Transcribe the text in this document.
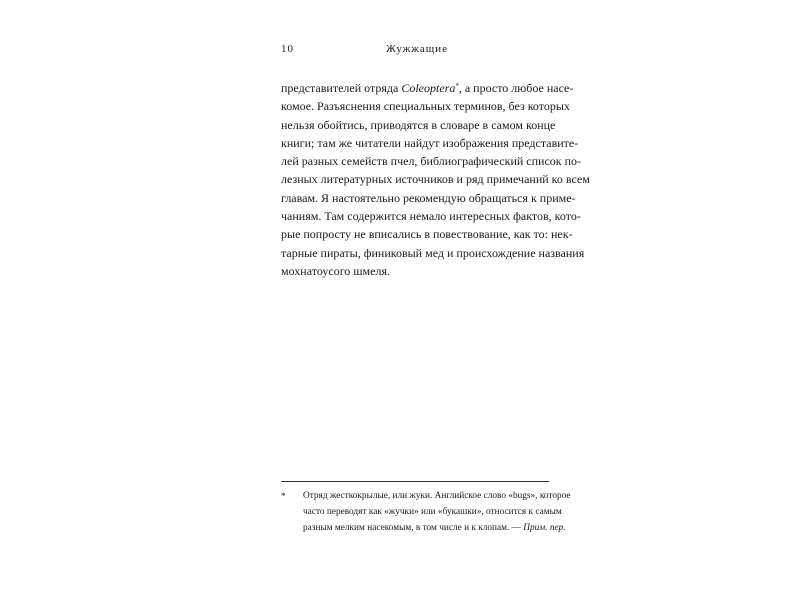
10	Жужжащие
представителей отряда Coleoptera*, а просто любое насе-
комое. Разъяснения специальных терминов, без которых
нельзя обойтись, приводятся в словаре в самом конце
книги; там же читатели найдут изображения представите-
лей разных семейств пчел, библиографический список по-
лезных литературных источников и ряд примечаний ко всем
главам. Я настоятельно рекомендую обращаться к приме-
чаниям. Там содержится немало интересных фактов, кото-
рые попросту не вписались в повествование, как то: нек-
тарные пираты, финиковый мед и происхождение названия
мохнатоусого шмеля.
* Отряд жесткокрылые, или жуки. Английское слово «bugs», которое
часто переводят как «жучки» или «букашки», относится к самым
разным мелким насекомым, в том числе и к клопам. — Прим. пер.
